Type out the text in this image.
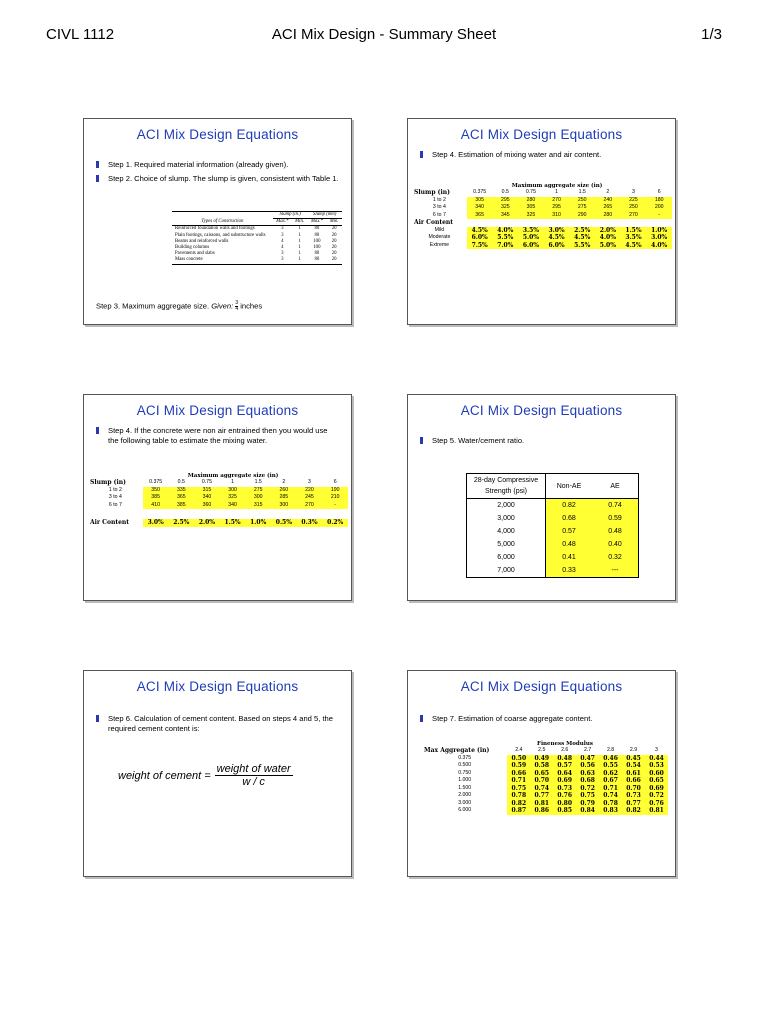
CIVL 1112	ACI Mix Design - Summary Sheet	1/3
ACI Mix Design Equations
Step 1. Required material information (already given).
Step 2. Choice of slump. The slump is given, consistent with Table 1.
	Slump (in.)		Slump (mm)	
Types of Construction	Max.*	Min.	Max.*	Min.
Reinforced foundation walls and footings	3	1	80	20
Plain footings, caissons, and substructure walls	3	1	80	20
Beams and reinforced walls	4	1	100	20
Building columns	4	1	100	20
Pavements and slabs	3	1	80	20
Mass concrete	3	1	80	20
Step 3. Maximum aggregate size. Given: $\frac{3}{4}$ inches
ACI Mix Design Equations
Step 4. Estimation of mixing water and air content.
Maximum aggregate size (in)
Slump (in)	0.375	0.5	0.75	1	1.5	2	3	6
1 to 2	305	295	280	270	250	240	225	180
3 to 4	340	325	305	295	275	265	250	200
6 to 7	365	345	325	310	290	280	270	-
Air Content								
Mild	4.5%	4.0%	3.5%	3.0%	2.5%	2.0%	1.5%	1.0%
Moderate	6.0%	5.5%	5.0%	4.5%	4.5%	4.0%	3.5%	3.0%
Extreme	7.5%	7.0%	6.0%	6.0%	5.5%	5.0%	4.5%	4.0%
ACI Mix Design Equations
Step 4. If the concrete were non air entrained then you would use the following table to estimate the mixing water.
Maximum aggregate size (in)
Slump (in)	0.375	0.5	0.75	1	1.5	2	3	6
1 to 2	350	335	315	300	275	260	220	190
3 to 4	385	365	340	325	300	285	245	210
6 to 7	410	385	360	340	315	300	270	-

Air Content	3.0%	2.5%	2.0%	1.5%	1.0%	0.5%	0.3%	0.2%
ACI Mix Design Equations
Step 5. Water/cement ratio.
28-day Compressive Strength (psi)	Non-AE	AE
2,000	0.82	0.74
3,000	0.68	0.59
4,000	0.57	0.48
5,000	0.48	0.40
6,000	0.41	0.32
7,000	0.33	---
ACI Mix Design Equations
Step 6. Calculation of cement content. Based on steps 4 and 5, the required cement content is:
weight of cement = $\frac{\text{weight of water}}{w / c}$
ACI Mix Design Equations
Step 7. Estimation of coarse aggregate content.
Fineness Modulus
Max Aggregate (in)	2.4	2.5	2.6	2.7	2.8	2.9	3
0.375	0.50	0.49	0.48	0.47	0.46	0.45	0.44
0.500	0.59	0.58	0.57	0.56	0.55	0.54	0.53
0.750	0.66	0.65	0.64	0.63	0.62	0.61	0.60
1.000	0.71	0.70	0.69	0.68	0.67	0.66	0.65
1.500	0.75	0.74	0.73	0.72	0.71	0.70	0.69
2.000	0.78	0.77	0.76	0.75	0.74	0.73	0.72
3.000	0.82	0.81	0.80	0.79	0.78	0.77	0.76
6.000	0.87	0.86	0.85	0.84	0.83	0.82	0.81
